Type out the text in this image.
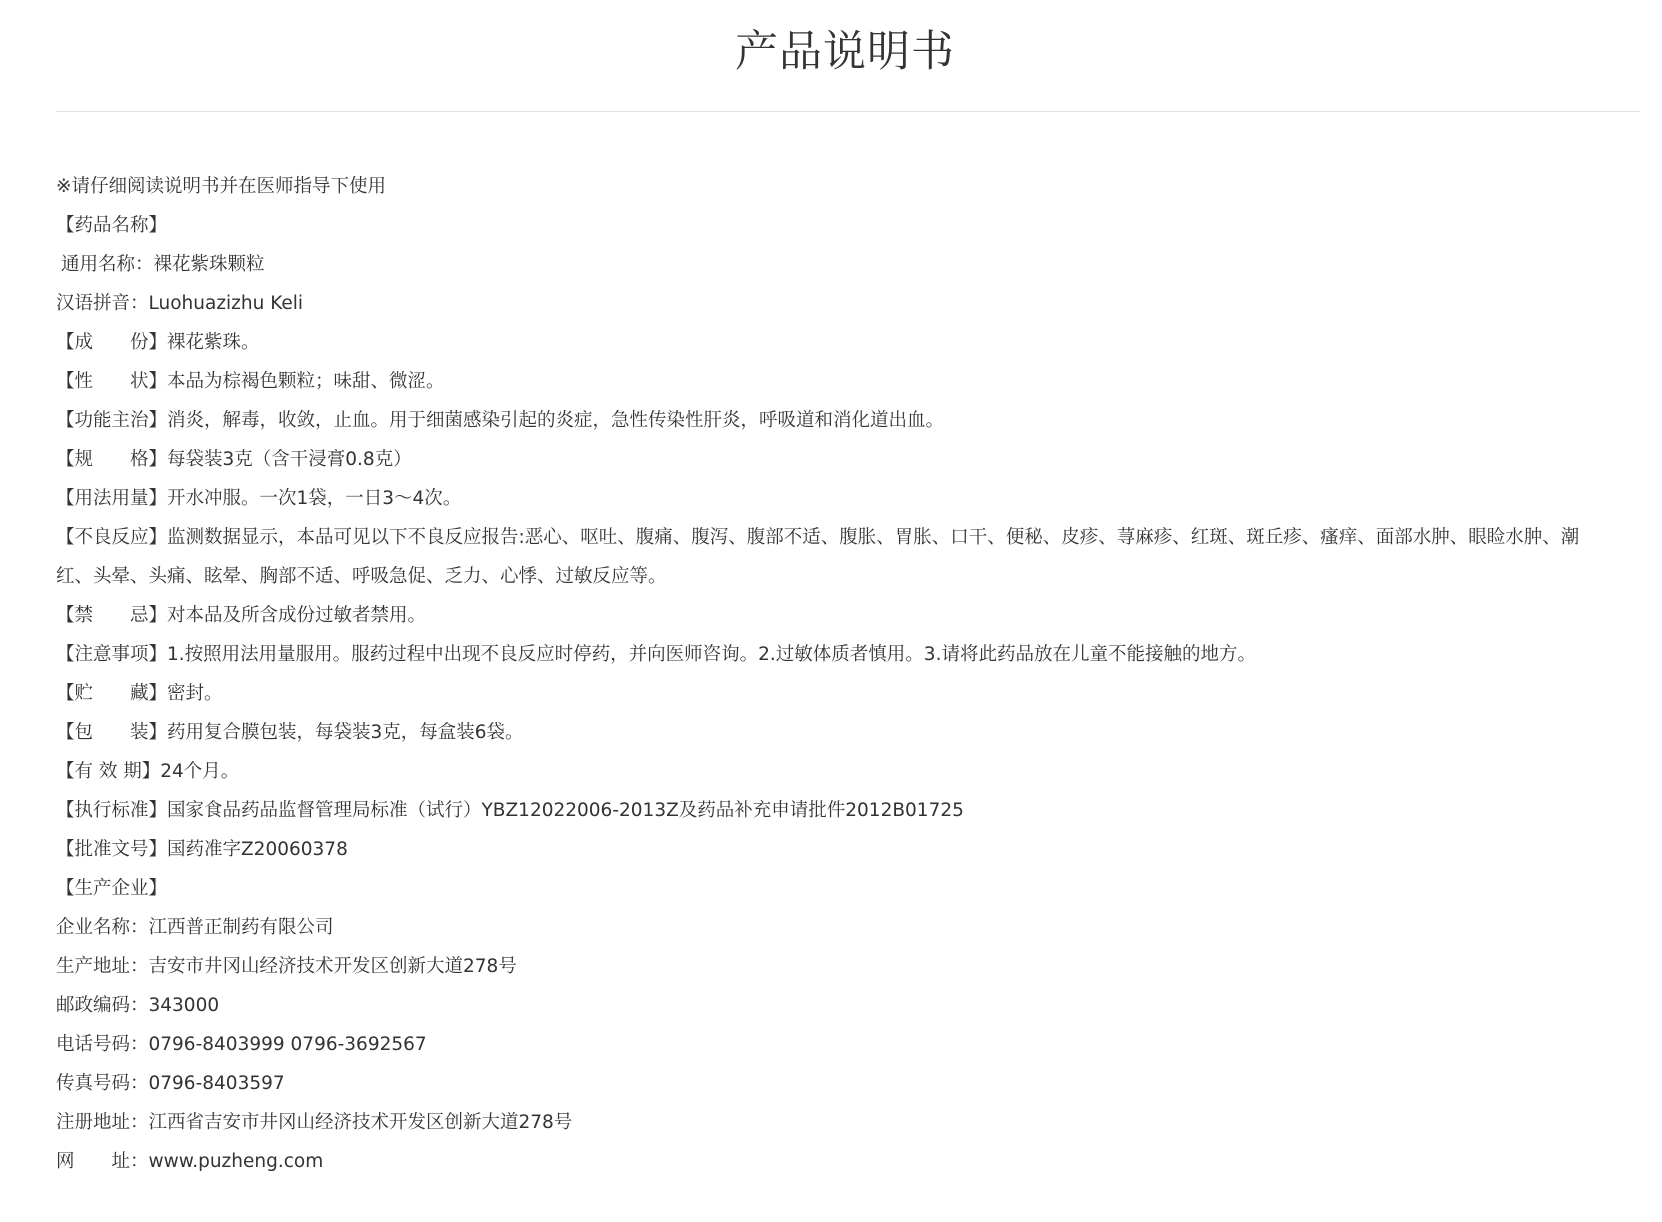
产品说明书
※请仔细阅读说明书并在医师指导下使用
【药品名称】
通用名称：裸花紫珠颗粒
汉语拼音：Luohuazizhu Keli
【成　　份】裸花紫珠。
【性　　状】本品为棕褐色颗粒；味甜、微涩。
【功能主治】消炎，解毒，收敛，止血。用于细菌感染引起的炎症，急性传染性肝炎，呼吸道和消化道出血。
【规　　格】每袋装3克（含干浸膏0.8克）
【用法用量】开水冲服。一次1袋，一日3～4次。
【不良反应】监测数据显示，本品可见以下不良反应报告:恶心、呕吐、腹痛、腹泻、腹部不适、腹胀、胃胀、口干、便秘、皮疹、荨麻疹、红斑、斑丘疹、瘙痒、面部水肿、眼睑水肿、潮红、头晕、头痛、眩晕、胸部不适、呼吸急促、乏力、心悸、过敏反应等。
【禁　　忌】对本品及所含成份过敏者禁用。
【注意事项】1.按照用法用量服用。服药过程中出现不良反应时停药，并向医师咨询。2.过敏体质者慎用。3.请将此药品放在儿童不能接触的地方。
【贮　　藏】密封。
【包　　装】药用复合膜包装，每袋装3克，每盒装6袋。
【有 效 期】24个月。
【执行标准】国家食品药品监督管理局标准（试行）YBZ12022006-2013Z及药品补充申请批件2012B01725
【批准文号】国药准字Z20060378
【生产企业】
企业名称：江西普正制药有限公司
生产地址：吉安市井冈山经济技术开发区创新大道278号
邮政编码：343000
电话号码：0796-8403999 0796-3692567
传真号码：0796-8403597
注册地址：江西省吉安市井冈山经济技术开发区创新大道278号
网　　址：www.puzheng.com
